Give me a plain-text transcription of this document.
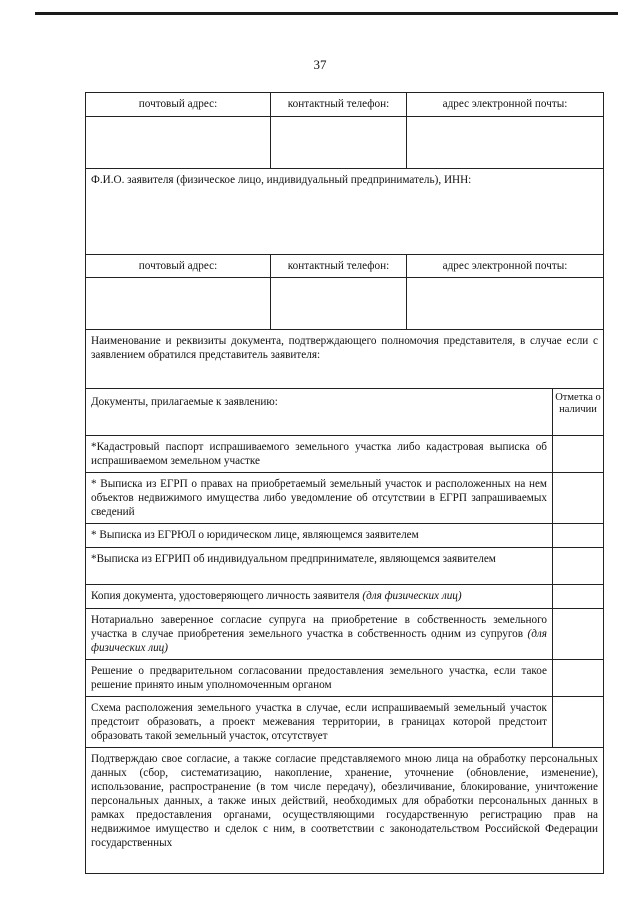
37
почтовый адрес:	контактный телефон:	адрес электронной почты:
Ф.И.О. заявителя (физическое лицо, индивидуальный предприниматель), ИНН:
почтовый адрес:	контактный телефон:	адрес электронной почты:
Наименование и реквизиты документа, подтверждающего полномочия представителя, в случае если с заявлением обратился представитель заявителя:
Документы, прилагаемые к заявлению:	Отметка о наличии
*Кадастровый паспорт испрашиваемого земельного участка либо кадастровая выписка об испрашиваемом земельном участке
* Выписка из ЕГРП о правах на приобретаемый земельный участок и расположенных на нем объектов недвижимого имущества либо уведомление об отсутствии в ЕГРП запрашиваемых сведений
* Выписка из ЕГРЮЛ о юридическом лице, являющемся заявителем
*Выписка из ЕГРИП об индивидуальном предпринимателе, являющемся заявителем
Копия документа, удостоверяющего личность заявителя (для физических лиц)
Нотариально заверенное согласие супруга на приобретение в собственность земельного участка в случае приобретения земельного участка в собственность одним из супругов (для физических лиц)
Решение о предварительном согласовании предоставления земельного участка, если такое решение принято иным уполномоченным органом
Схема расположения земельного участка в случае, если испрашиваемый земельный участок предстоит образовать, а проект межевания территории, в границах которой предстоит образовать такой земельный участок, отсутствует
Подтверждаю свое согласие, а также согласие представляемого мною лица на обработку персональных данных (сбор, систематизацию, накопление, хранение, уточнение (обновление, изменение), использование, распространение (в том числе передачу), обезличивание, блокирование, уничтожение персональных данных, а также иных действий, необходимых для обработки персональных данных в рамках предоставления органами, осуществляющими государственную регистрацию прав на недвижимое имущество и сделок с ним, в соответствии с законодательством Российской Федерации государственных
